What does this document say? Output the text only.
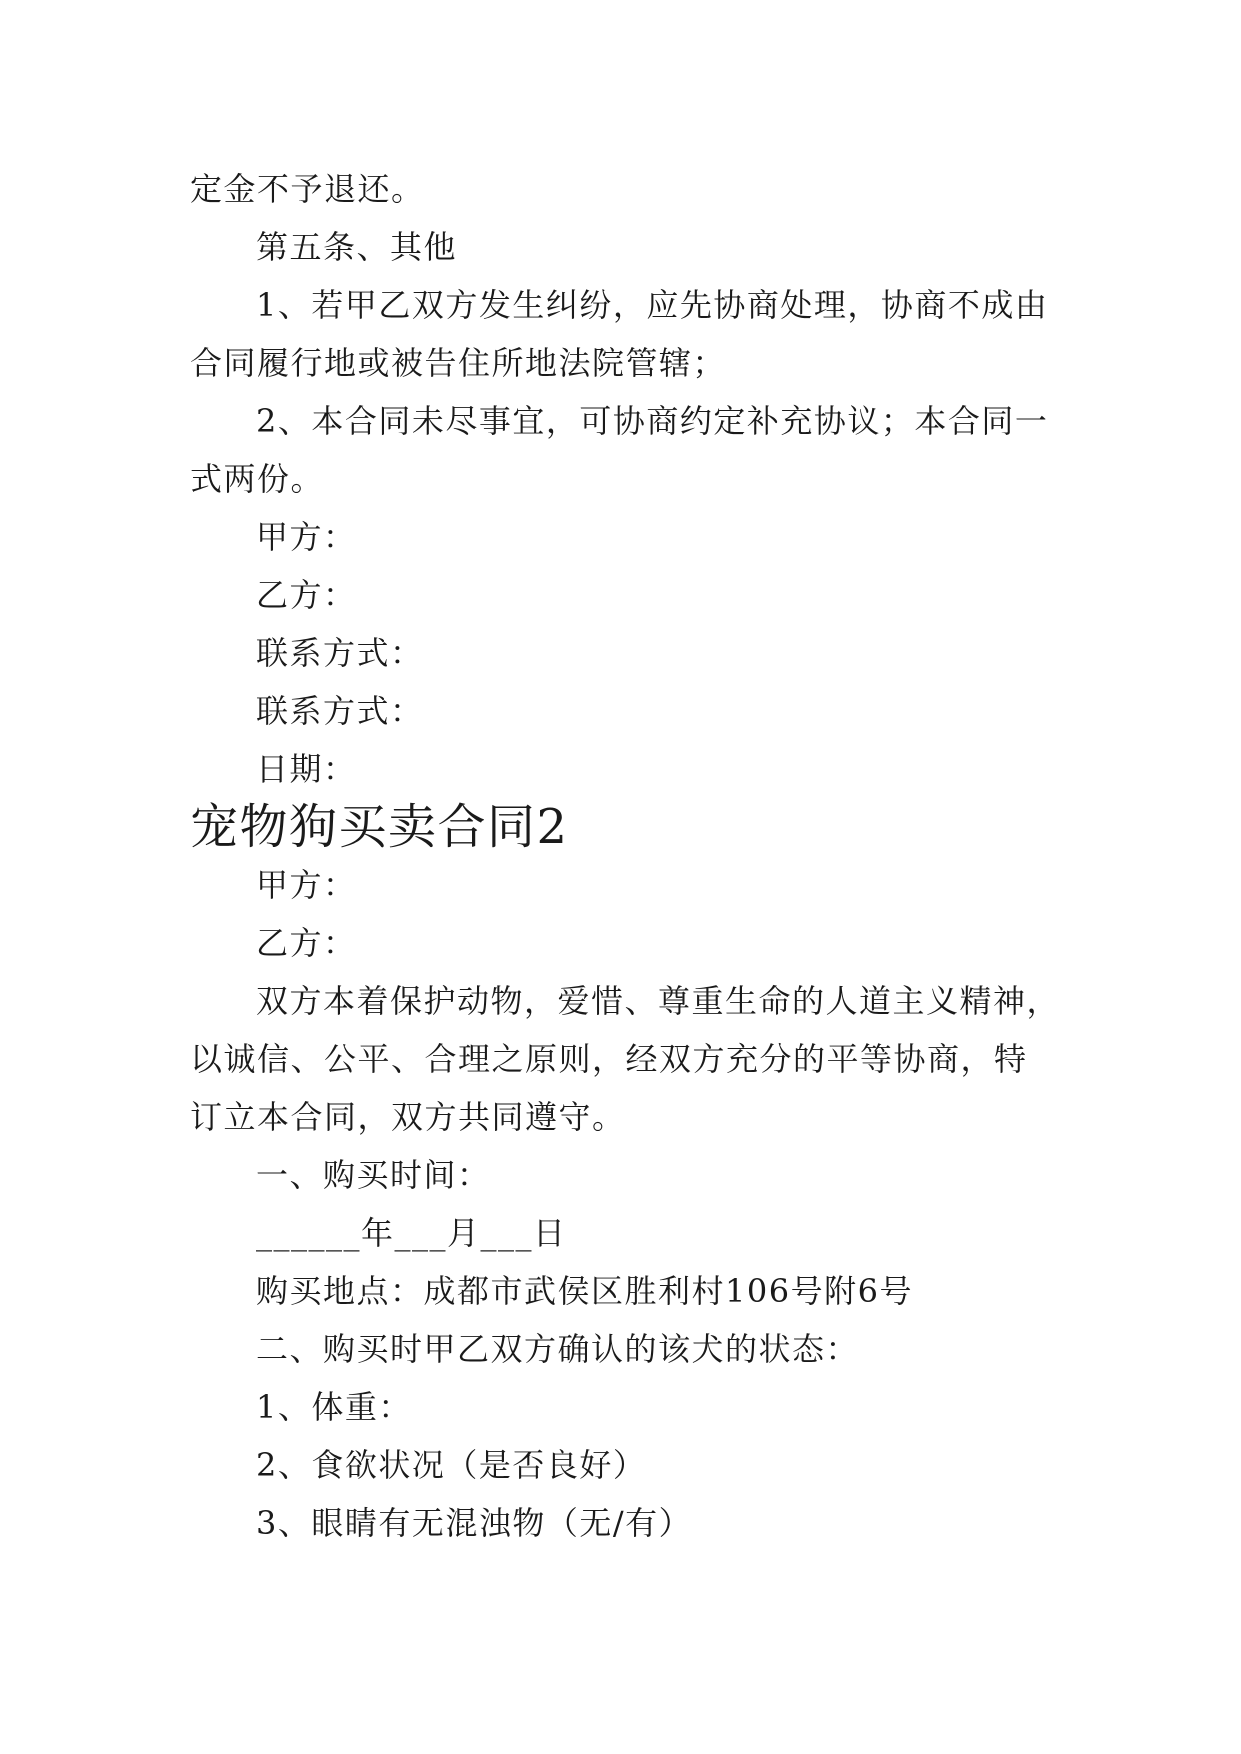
定金不予退还。

第五条、其他

1、若甲乙双方发生纠纷，应先协商处理，协商不成由合同履行地或被告住所地法院管辖；

2、本合同未尽事宜，可协商约定补充协议；本合同一式两份。

甲方：

乙方：

联系方式：

联系方式：

日期：

宠物狗买卖合同2

甲方：

乙方：

双方本着保护动物，爱惜、尊重生命的人道主义精神，以诚信、公平、合理之原则，经双方充分的平等协商，特订立本合同，双方共同遵守。

一、购买时间：

______年___月___日

购买地点：成都市武侯区胜利村106号附6号

二、购买时甲乙双方确认的该犬的状态：

1、体重：

2、食欲状况（是否良好）

3、眼睛有无混浊物（无/有）
